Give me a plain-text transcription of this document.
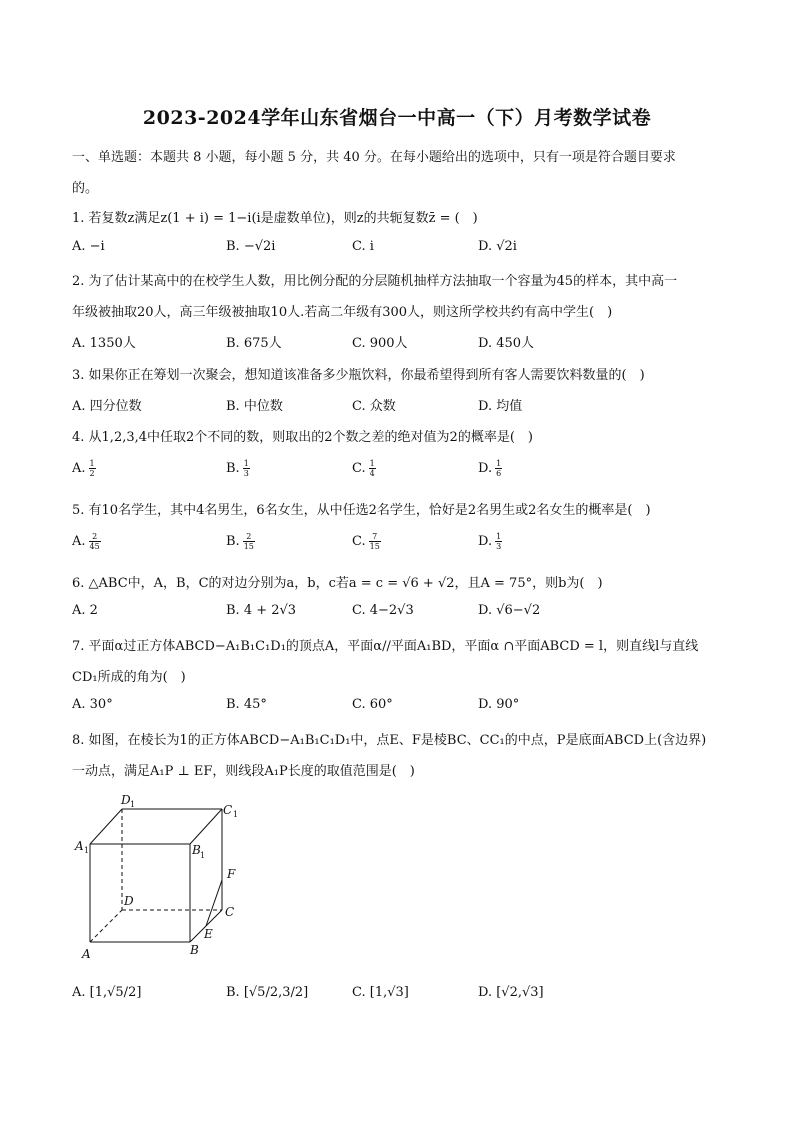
2023-2024学年山东省烟台一中高一（下）月考数学试卷
一、单选题：本题共 8 小题，每小题 5 分，共 40 分。在每小题给出的选项中，只有一项是符合题目要求
的。
1. 若复数z满足z(1 + i) = 1−i(i是虚数单位)，则z的共轭复数z̄ = (　)
A. −i	B. −√2i	C. i	D. √2i
2. 为了估计某高中的在校学生人数，用比例分配的分层随机抽样方法抽取一个容量为45的样本，其中高一
年级被抽取20人，高三年级被抽取10人.若高二年级有300人，则这所学校共约有高中学生(　)
A. 1350人	B. 675人	C. 900人	D. 450人
3. 如果你正在筹划一次聚会，想知道该准备多少瓶饮料，你最希望得到所有客人需要饮料数量的(　)
A. 四分位数	B. 中位数	C. 众数	D. 均值
4. 从1,2,3,4中任取2个不同的数，则取出的2个数之差的绝对值为2的概率是(　)
A. $\frac{1}{2}$	B. $\frac{1}{3}$	C. $\frac{1}{4}$	D. $\frac{1}{6}$
5. 有10名学生，其中4名男生，6名女生，从中任选2名学生，恰好是2名男生或2名女生的概率是(　)
A. $\frac{2}{45}$	B. $\frac{2}{15}$	C. $\frac{7}{15}$	D. $\frac{1}{3}$
6. △ABC中，A，B，C的对边分别为a，b，c若a = c = √6 + √2，且A = 75°，则b为(　)
A. 2	B. 4 + 2√3	C. 4−2√3	D. √6−√2
7. 平面α过正方体ABCD−A₁B₁C₁D₁的顶点A，平面α//平面A₁BD，平面α ∩平面ABCD = l，则直线l与直线
CD₁所成的角为(　)
A. 30°	B. 45°	C. 60°	D. 90°
8. 如图，在棱长为1的正方体ABCD−A₁B₁C₁D₁中，点E、F是棱BC、CC₁的中点，P是底面ABCD上(含边界)
一动点，满足A₁P ⊥ EF，则线段A₁P长度的取值范围是(　)
A 1	B 1
D 1	C 1
D
C
F
E
A	B
A. [1,√5/2]	B. [√5/2,3/2]	C. [1,√3]	D. [√2,√3]
